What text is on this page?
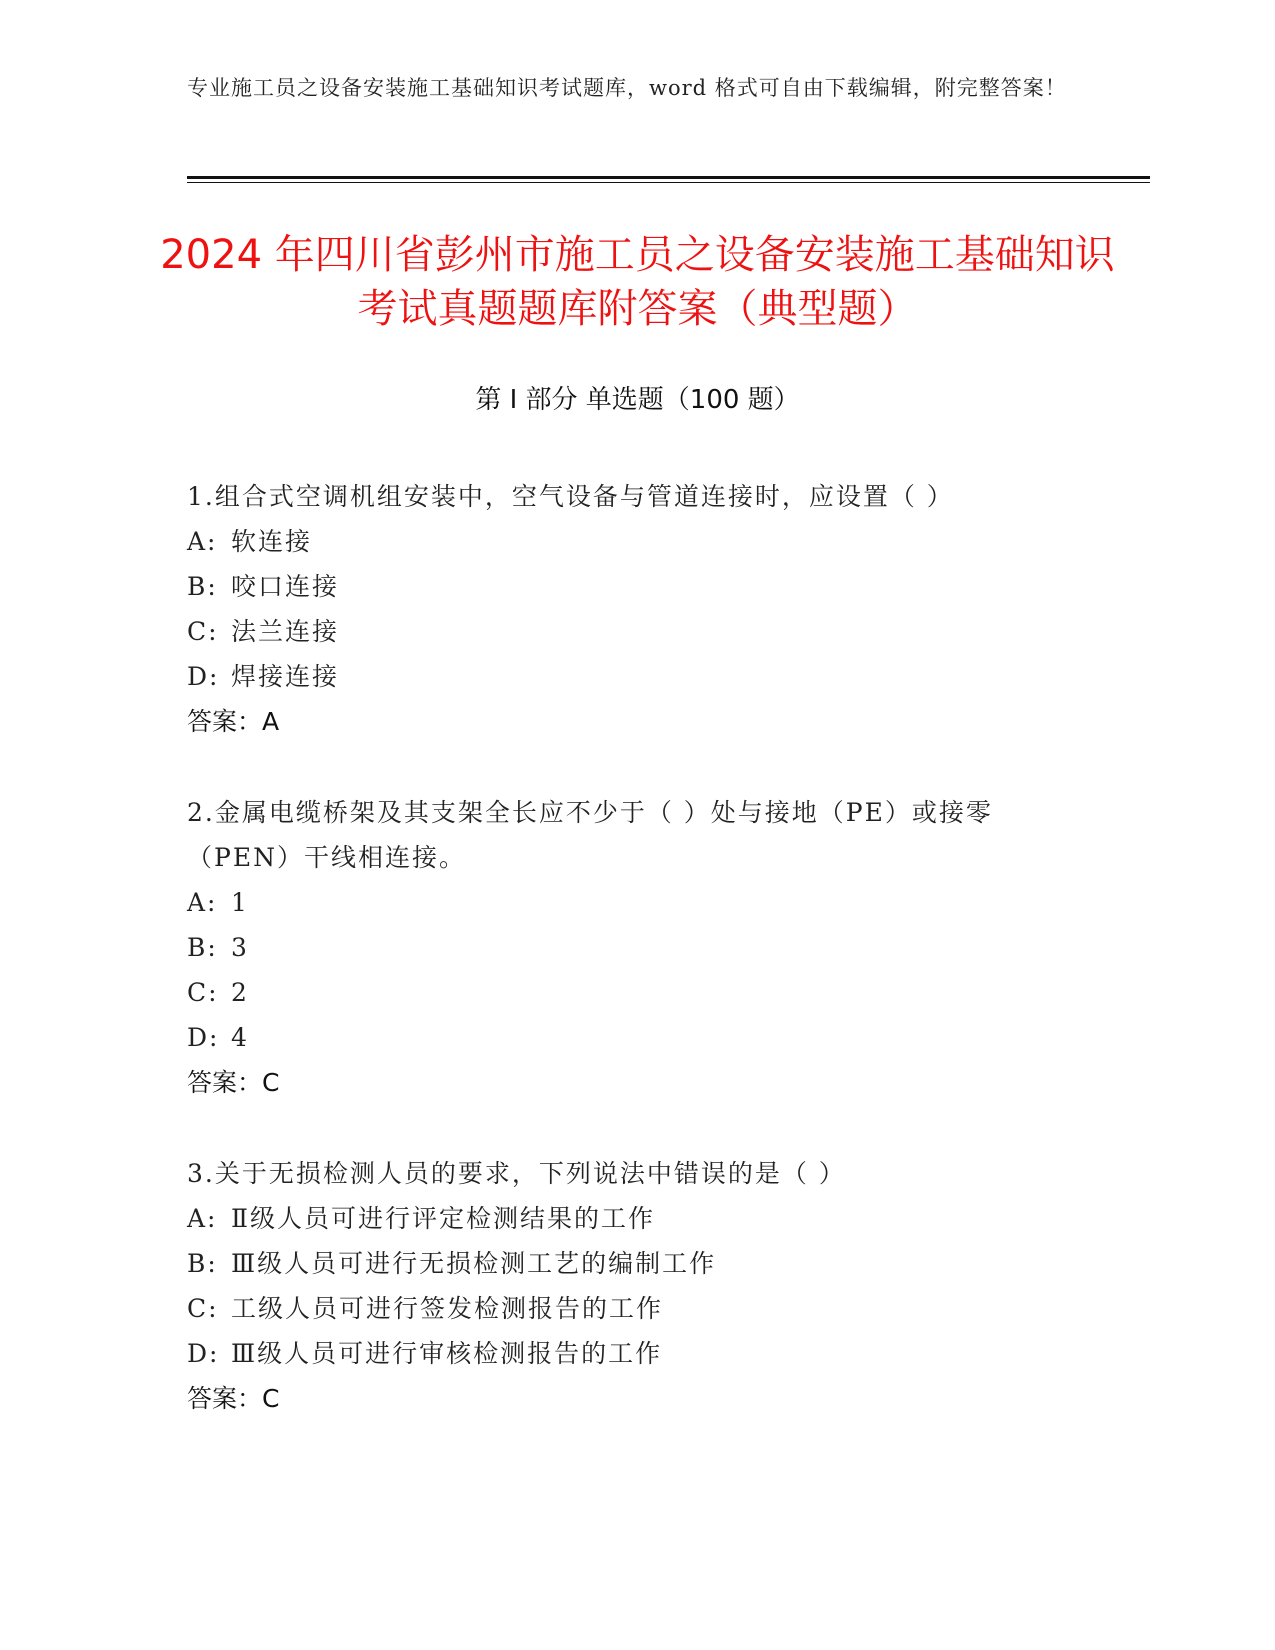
专业施工员之设备安装施工基础知识考试题库，word 格式可自由下载编辑，附完整答案！
2024 年四川省彭州市施工员之设备安装施工基础知识考试真题题库附答案（典型题）
第 I 部分 单选题（100 题）
1.组合式空调机组安装中，空气设备与管道连接时，应设置（ ）
A: 软连接
B: 咬口连接
C: 法兰连接
D: 焊接连接
答案：A
2.金属电缆桥架及其支架全长应不少于（ ）处与接地（PE）或接零（PEN）干线相连接。
A: 1
B: 3
C: 2
D: 4
答案：C
3.关于无损检测人员的要求，下列说法中错误的是（ ）
A: Ⅱ级人员可进行评定检测结果的工作
B: Ⅲ级人员可进行无损检测工艺的编制工作
C: 工级人员可进行签发检测报告的工作
D: Ⅲ级人员可进行审核检测报告的工作
答案：C
